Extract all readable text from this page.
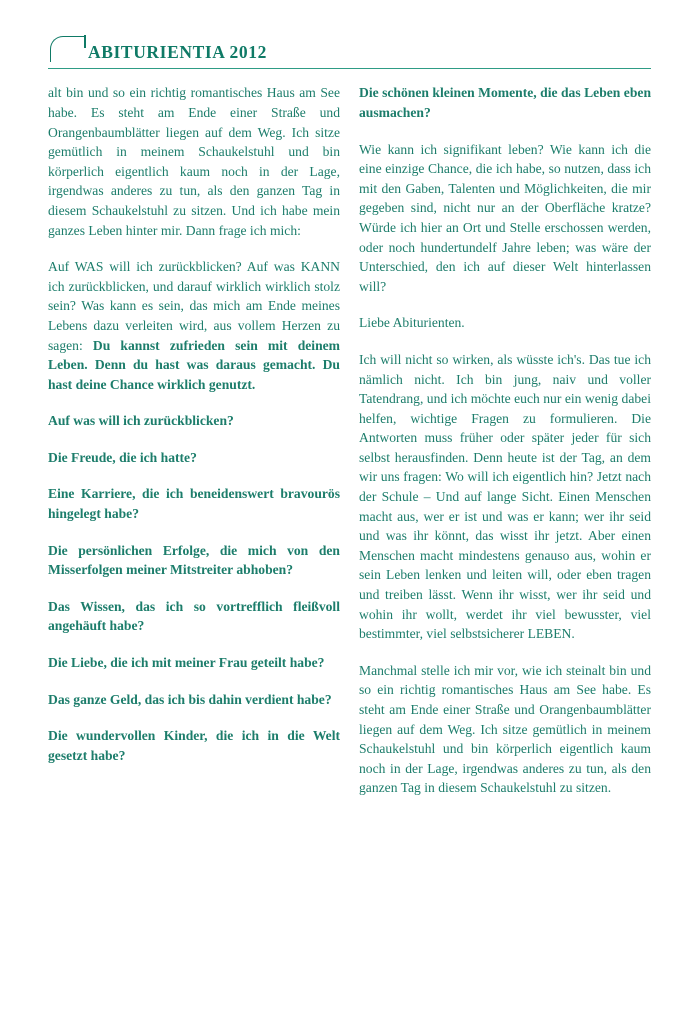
ABITURIENTIA 2012

alt bin und so ein richtig romantisches Haus am See habe. Es steht am Ende einer Straße und Orangenbaumblätter liegen auf dem Weg. Ich sitze gemütlich in meinem Schaukelstuhl und bin körperlich eigentlich kaum noch in der Lage, irgendwas anderes zu tun, als den ganzen Tag in diesem Schaukelstuhl zu sitzen. Und ich habe mein ganzes Leben hinter mir. Dann frage ich mich:

Auf WAS will ich zurückblicken? Auf was KANN ich zurückblicken, und darauf wirklich wirklich stolz sein? Was kann es sein, das mich am Ende meines Lebens dazu verleiten wird, aus vollem Herzen zu sagen: Du kannst zufrieden sein mit deinem Leben. Denn du hast was daraus gemacht. Du hast deine Chance wirklich genutzt.

Auf was will ich zurückblicken?

Die Freude, die ich hatte?

Eine Karriere, die ich beneidenswert bravourös hingelegt habe?

Die persönlichen Erfolge, die mich von den Misserfolgen meiner Mitstreiter abhoben?

Das Wissen, das ich so vortrefflich fleißvoll angehäuft habe?

Die Liebe, die ich mit meiner Frau geteilt habe?

Das ganze Geld, das ich bis dahin verdient habe?

Die wundervollen Kinder, die ich in die Welt gesetzt habe?

Die schönen kleinen Momente, die das Leben eben ausmachen?

Wie kann ich signifikant leben? Wie kann ich die eine einzige Chance, die ich habe, so nutzen, dass ich mit den Gaben, Talenten und Möglichkeiten, die mir gegeben sind, nicht nur an der Oberfläche kratze? Würde ich hier an Ort und Stelle erschossen werden, oder noch hundertundelf Jahre leben; was wäre der Unterschied, den ich auf dieser Welt hinterlassen will?

Liebe Abiturienten.

Ich will nicht so wirken, als wüsste ich's. Das tue ich nämlich nicht. Ich bin jung, naiv und voller Tatendrang, und ich möchte euch nur ein wenig dabei helfen, wichtige Fragen zu formulieren. Die Antworten muss früher oder später jeder für sich selbst herausfinden. Denn heute ist der Tag, an dem wir uns fragen: Wo will ich eigentlich hin? Jetzt nach der Schule – Und auf lange Sicht. Einen Menschen macht aus, wer er ist und was er kann; wer ihr seid und was ihr könnt, das wisst ihr jetzt. Aber einen Menschen macht mindestens genauso aus, wohin er sein Leben lenken und leiten will, oder eben tragen und treiben lässt. Wenn ihr wisst, wer ihr seid und wohin ihr wollt, werdet ihr viel bewusster, viel bestimmter, viel selbstsicherer LEBEN.

Manchmal stelle ich mir vor, wie ich steinalt bin und so ein richtig romantisches Haus am See habe. Es steht am Ende einer Straße und Orangenbaumblätter liegen auf dem Weg. Ich sitze gemütlich in meinem Schaukelstuhl und bin körperlich eigentlich kaum noch in der Lage, irgendwas anderes zu tun, als den ganzen Tag in diesem Schaukelstuhl zu sitzen.
